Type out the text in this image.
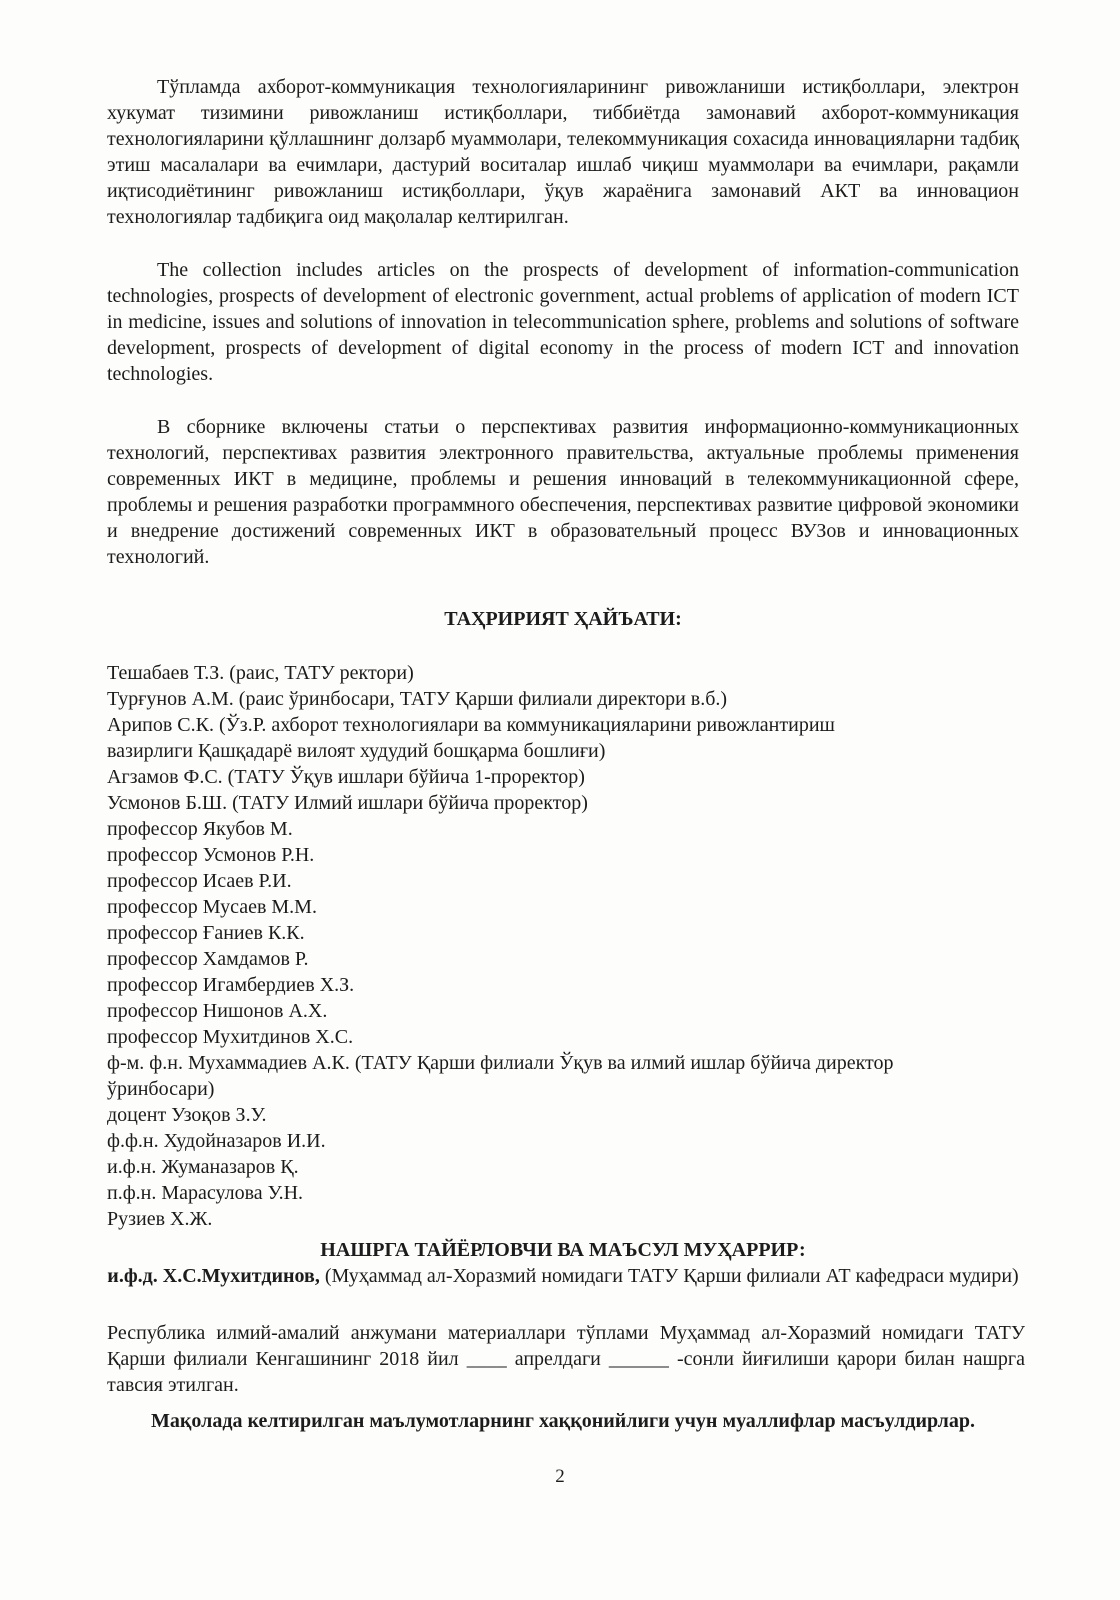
Тўпламда ахборот-коммуникация технологияларининг ривожланиши истиқболлари, электрон хукумат тизимини ривожланиш истиқболлари, тиббиётда замонавий ахборот-коммуникация технологияларини қўллашнинг долзарб муаммолари, телекоммуникация сохасида инновацияларни тадбиқ этиш масалалари ва ечимлари, дастурий воситалар ишлаб чиқиш муаммолари ва ечимлари, рақамли иқтисодиётининг ривожланиш истиқболлари, ўқув жараёнига замонавий АКТ ва инновацион технологиялар тадбиқига оид мақолалар келтирилган.

The collection includes articles on the prospects of development of information-communication technologies, prospects of development of electronic government, actual problems of application of modern ICT in medicine, issues and solutions of innovation in telecommunication sphere, problems and solutions of software development, prospects of development of digital economy in the process of modern ICT and innovation technologies.

В сборнике включены статьи о перспективах развития информационно-коммуникационных технологий, перспективах развития электронного правительства, актуальные проблемы применения современных ИКТ в медицине, проблемы и решения инноваций в телекоммуникационной сфере, проблемы и решения разработки программного обеспечения, перспективах развитие цифровой экономики и внедрение достижений современных ИКТ в образовательный процесс ВУЗов и инновационных технологий.

ТАҲРИРИЯТ ҲАЙЪАТИ:
Тешабаев Т.З. (раис, ТАТУ ректори)
Турғунов А.М. (раис ўринбосари, ТАТУ Қарши филиали директори в.б.)
Арипов С.К. (Ўз.Р. ахборот технологиялари ва коммуникацияларини ривожлантириш
вазирлиги Қашқадарё вилоят худудий бошқарма бошлиғи)
Агзамов Ф.С. (ТАТУ Ўқув ишлари бўйича 1-проректор)
Усмонов Б.Ш. (ТАТУ Илмий ишлари бўйича проректор)
профессор Якубов М.
профессор Усмонов Р.Н.
профессор Исаев Р.И.
профессор Мусаев М.М.
профессор Ғаниев К.К.
профессор Хамдамов Р.
профессор Игамбердиев Х.З.
профессор Нишонов А.Х.
профессор Мухитдинов Х.С.
ф-м. ф.н. Мухаммадиев А.К. (ТАТУ Қарши филиали Ўқув ва илмий ишлар бўйича директор
ўринбосари)
доцент Узоқов З.У.
ф.ф.н. Худойназаров И.И.
и.ф.н. Жуманазаров Қ.
п.ф.н. Марасулова У.Н.
Рузиев Х.Ж.
НАШРГА ТАЙЁРЛОВЧИ ВА МАЪСУЛ МУҲАРРИР:

и.ф.д. Х.С.Мухитдинов, (Муҳаммад ал-Хоразмий номидаги ТАТУ Қарши филиали АТ кафедраси мудири)

Республика илмий-амалий анжумани материаллари тўплами Муҳаммад ал-Хоразмий номидаги ТАТУ Қарши филиали Кенгашининг 2018 йил ____ апрелдаги ______ -сонли йиғилиши қарори билан нашрга тавсия этилган.

Мақолада келтирилган маълумотларнинг хаққонийлиги учун муаллифлар масъулдирлар.

2
